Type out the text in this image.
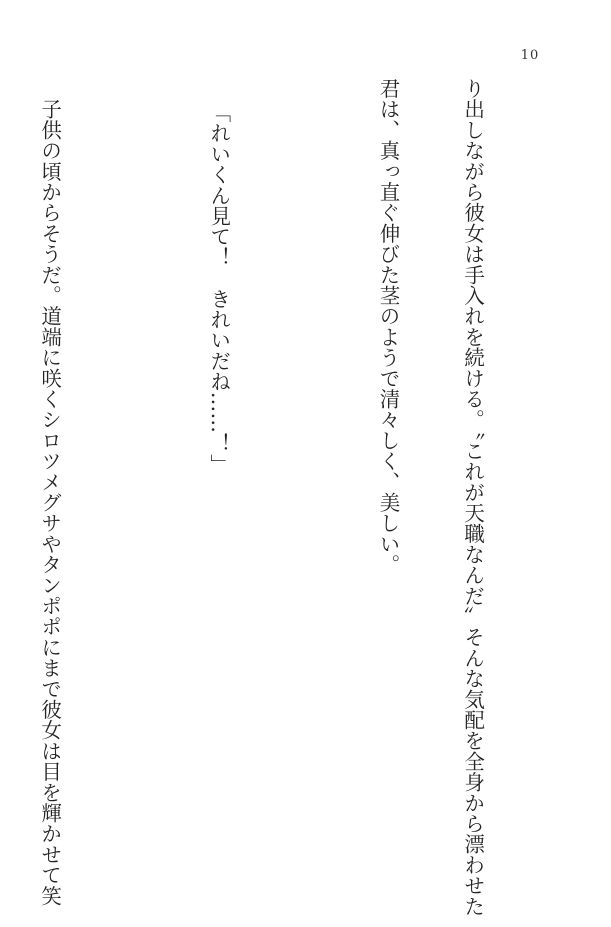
10

り出しながら彼女は手入れを続ける。〝これが天職なんだ〟そんな気配を全身から漂わせた

君は、真っ直ぐ伸びた茎のようで清々しく、美しい。

「れいくん見て！　きれいだね……！」

　子供の頃からそうだ。道端に咲くシロツメグサやタンポポにまで彼女は目を輝かせて笑
